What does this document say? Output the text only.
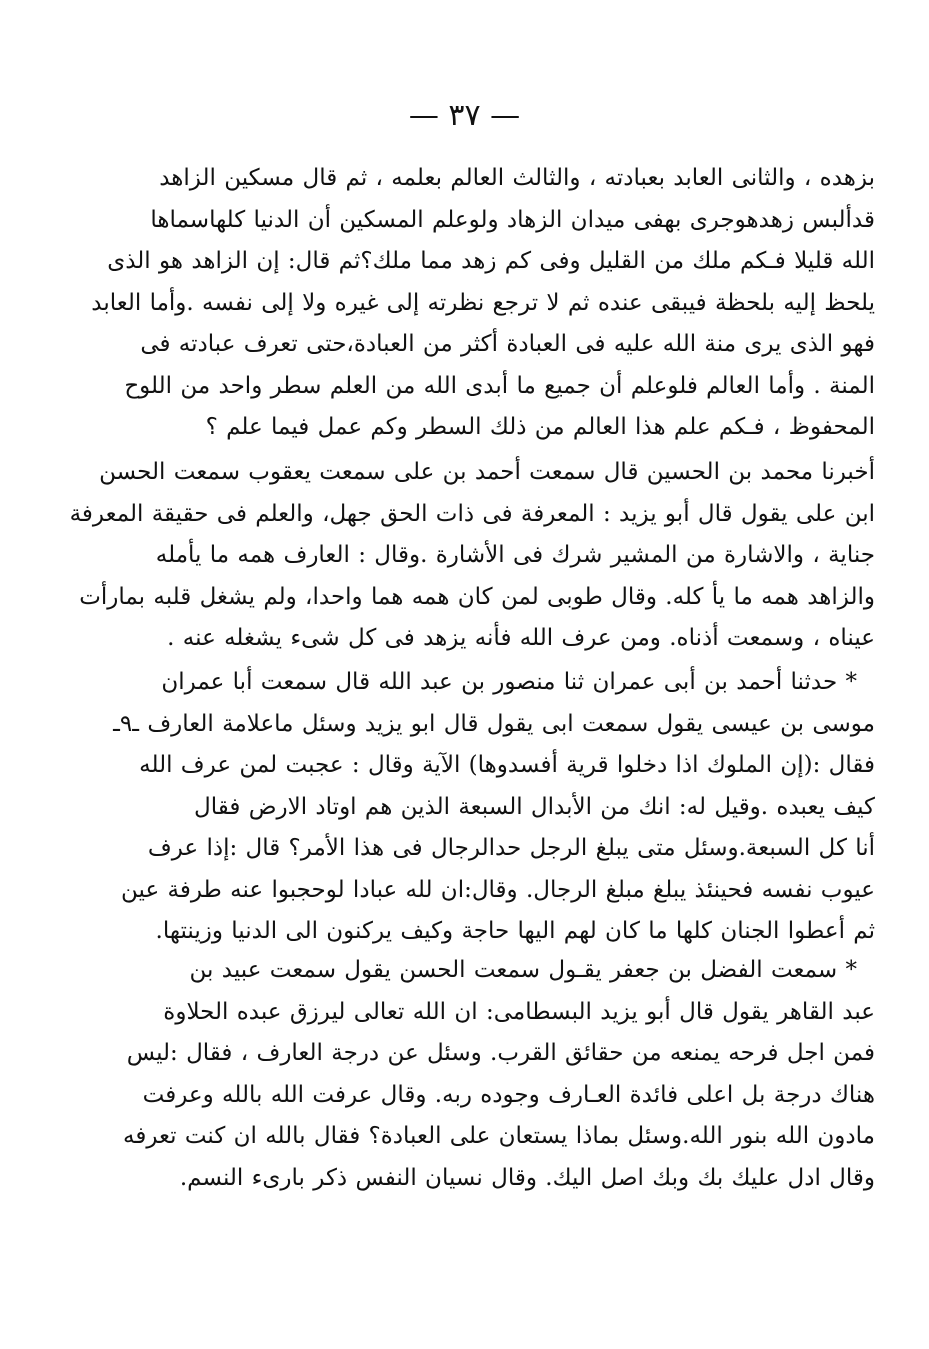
— ٣٧ —
بزهده ، والثانى العابد بعبادته ، والثالث العالم بعلمه ، ثم قال مسكين الزاهد
قدألبس زهدهوجرى بهفى ميدان الزهاد ولوعلم المسكين أن الدنيا كلهاسماها
الله قليلا فـكم ملك من القليل وفى كم زهد مما ملك؟ثم قال: إن الزاهد هو الذى
يلحظ إليه بلحظة فيبقى عنده ثم لا ترجع نظرته إلى غيره ولا إلى نفسه .وأما العابد
فهو الذى يرى منة الله عليه فى العبادة أكثر من العبادة،حتى تعرف عبادته فى
المنة . وأما العالم فلوعلم أن جميع ما أبدى الله من العلم سطر واحد من اللوح
المحفوظ ، فـكم علم هذا العالم من ذلك السطر وكم عمل فيما علم ؟
أخبرنا محمد بن الحسين قال سمعت أحمد بن على سمعت يعقوب سمعت الحسن
ابن على يقول قال أبو يزيد : المعرفة فى ذات الحق جهل، والعلم فى حقيقة المعرفة
جناية ، والاشارة من المشير شرك فى الأشارة .وقال : العارف همه ما يأمله
والزاهد همه ما يأ كله. وقال طوبى لمن كان همه هما واحدا، ولم يشغل قلبه بمارأت
عيناه ، وسمعت أذناه. ومن عرف الله فأنه يزهد فى كل شىء يشغله عنه .
* حدثنا أحمد بن أبى عمران ثنا منصور بن عبد الله قال سمعت أبا عمران
موسى بن عيسى يقول سمعت ابى يقول قال ابو يزيد وسئل ماعلامة العارف ـ٩ـ
فقال :(إن الملوك اذا دخلوا قرية أفسدوها) الآية وقال : عجبت لمن عرف الله
كيف يعبده .وقيل له: انك من الأبدال السبعة الذين هم اوتاد الارض فقال
أنا كل السبعة.وسئل متى يبلغ الرجل حدالرجال فى هذا الأمر؟ قال :إذا عرف
عيوب نفسه فحينئذ يبلغ مبلغ الرجال. وقال:ان لله عبادا لوحجبوا عنه طرفة عين
ثم أعطوا الجنان كلها ما كان لهم اليها حاجة وكيف يركنون الى الدنيا وزينتها.
* سمعت الفضل بن جعفر يقـول سمعت الحسن يقول سمعت عبيد بن
عبد القاهر يقول قال أبو يزيد البسطامى: ان الله تعالى ليرزق عبده الحلاوة
فمن اجل فرحه يمنعه من حقائق القرب. وسئل عن درجة العارف ، فقال :ليس
هناك درجة بل اعلى فائدة العـارف وجوده ربه. وقال عرفت الله بالله وعرفت
مادون الله بنور الله.وسئل بماذا يستعان على العبادة؟ فقال بالله ان كنت تعرفه
وقال ادل عليك بك وبك اصل اليك. وقال نسيان النفس ذكر بارىء النسم.
